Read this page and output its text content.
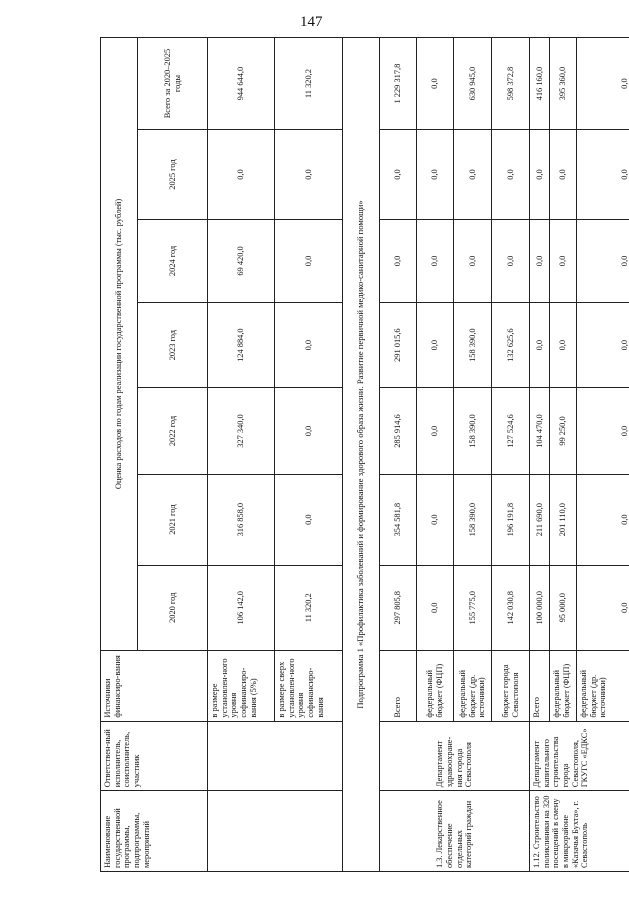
147
Наименование государственной программы, подпрограммы, мероприятий	Ответствен-ный исполнитель, соисполнитель, участник	Источники финансиро-вания	Оценка расходов по годам реализации государственной программы (тыс. рублей)						
			2020 год	2021 год	2022 год	2023 год	2024 год	2025 год	Всего за 2020–2025 годы
		в размере установлен-ного уровня софинансиро-вания (5%)	106 142,0	316 858,0	327 340,0	124 884,0	69 420,0	0,0	944 644,0
		в размере сверх установлен-ного уровня софинансиро-вания	11 320,2	0,0	0,0	0,0	0,0	0,0	11 320,2
Подпрограмма 1 «Профилактика заболеваний и формирование здорового образа жизни. Развитие первичной медико-санитарной помощи»									
1.3. Лекарственное обеспечение отдельных категорий граждан	Департамент здравоохране-ния города Севастополя	Всего	297 805,8	354 581,8	285 914,6	291 015,6	0,0	0,0	1 229 317,8
		федеральный бюджет (ФЦП)	0,0	0,0	0,0	0,0	0,0	0,0	0,0
		федеральный бюджет (др. источники)	155 775,0	158 390,0	158 390,0	158 390,0	0,0	0,0	630 945,0
		бюджет города Севастополя	142 030,8	196 191,8	127 524,6	132 625,6	0,0	0,0	598 372,8
1.12. Строительство поликлиники на 320 посещений в смену в микрорайоне «Казачья Бухта», г. Севастополь	Департамент капитального строительства города Севастополя, ГКУГС «ЕДКС»	Всего	100 000,0	211 690,0	104 470,0	0,0	0,0	0,0	416 160,0
		федеральный бюджет (ФЦП)	95 000,0	201 110,0	99 250,0	0,0	0,0	0,0	395 360,0
		федеральный бюджет (др. источники)	0,0	0,0	0,0	0,0	0,0	0,0	0,0
